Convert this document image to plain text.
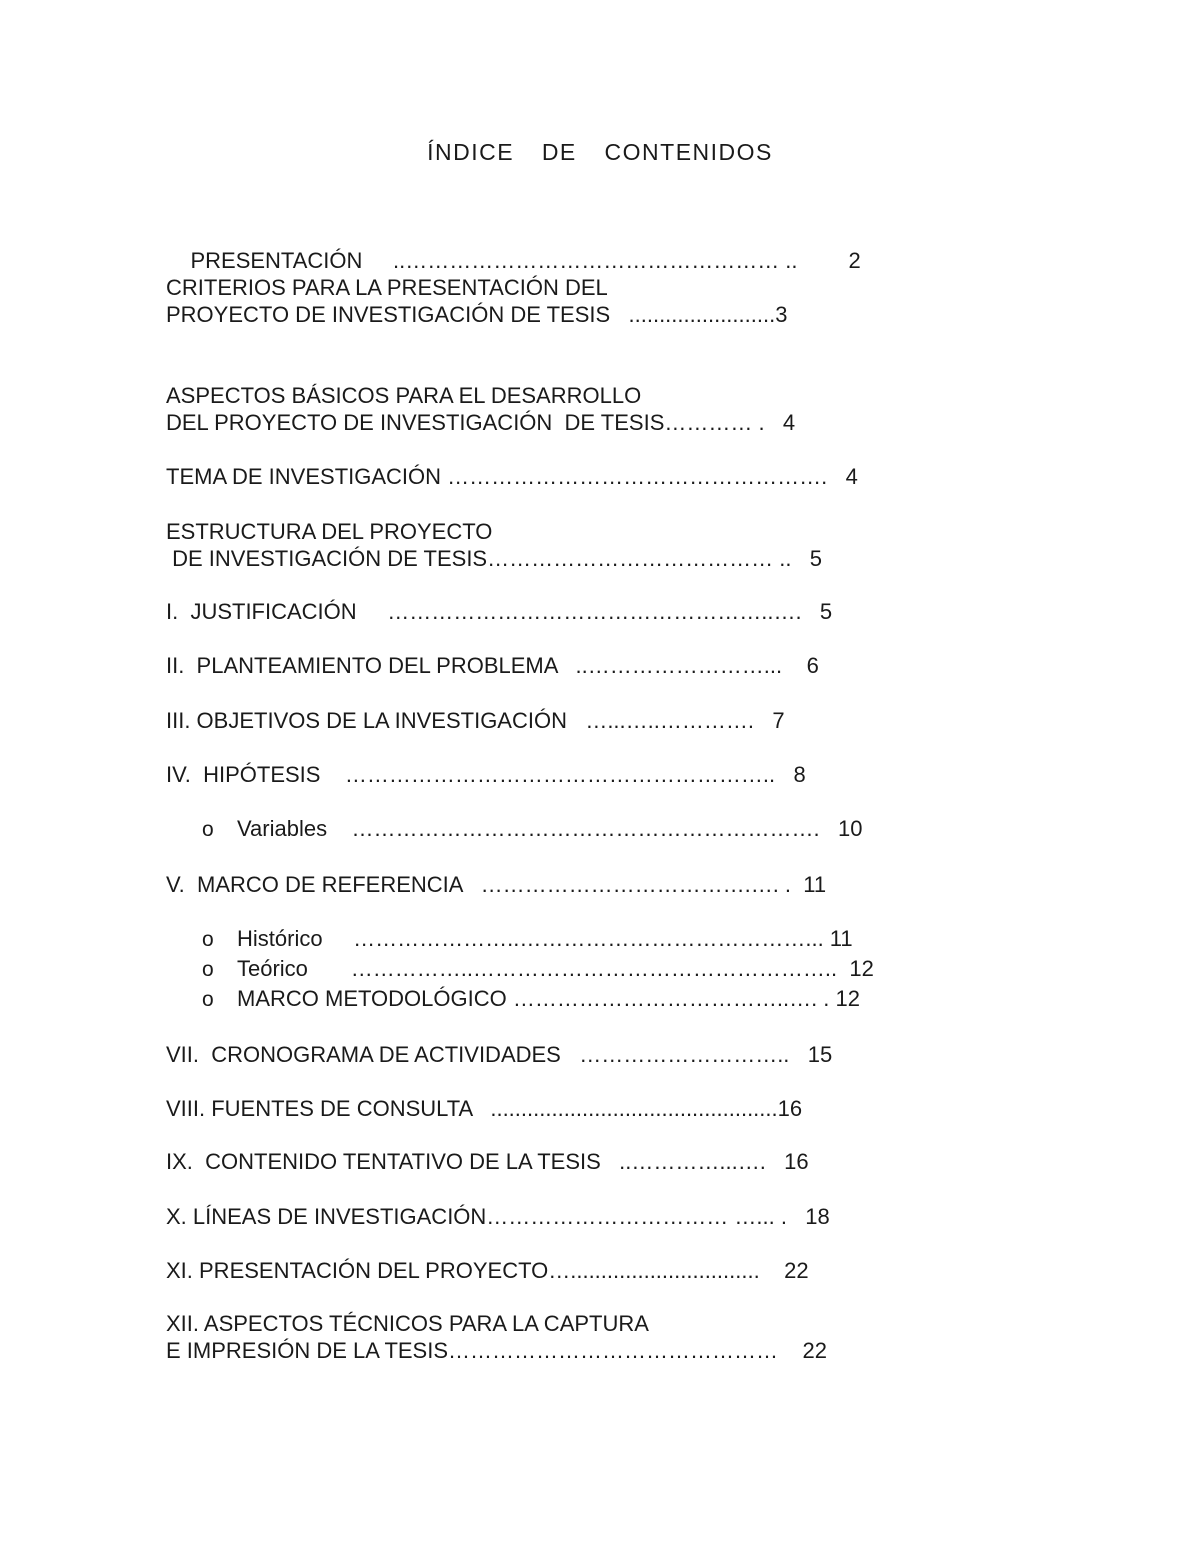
ÍNDICE  DE  CONTENIDOS

PRESENTACIÓN     ..…………………………………………… ..
	2

CRITERIOS PARA LA PRESENTACIÓN DEL
PROYECTO DE INVESTIGACIÓN DE TESIS   ........................3
ASPECTOS BÁSICOS PARA EL DESARROLLO
DEL PROYECTO DE INVESTIGACIÓN  DE TESIS………… .   4
TEMA DE INVESTIGACIÓN …………………………………………….   4
ESTRUCTURA DEL PROYECTO
DE INVESTIGACIÓN DE TESIS………………………………… ..   5
I.  JUSTIFICACIÓN     ……………………………………………..….   5
II.  PLANTEAMIENTO DEL PROBLEMA   ..……………………...    6
III. OBJETIVOS DE LA INVESTIGACIÓN   …...…..………….   7
IV.  HIPÓTESIS    …………………………………………………..   8
o Variables    ……………………………………………………….   10
V.  MARCO DE REFERENCIA   ……………………………….…. .  11
o Histórico     …………………..…………………………………... 11
o Teórico       ……………..…………………………………………..  12
o MARCO METODOLÓGICO ………………………………..…. . 12
VII.  CRONOGRAMA DE ACTIVIDADES   ………………………..   15
VIII. FUENTES DE CONSULTA   ...............................................16
IX.  CONTENIDO TENTATIVO DE LA TESIS   ..…………...….   16
X. LÍNEAS DE INVESTIGACIÓN…………………………… …... .   18
XI. PRESENTACIÓN DEL PROYECTO…...............................    22
XII. ASPECTOS TÉCNICOS PARA LA CAPTURA
E IMPRESIÓN DE LA TESIS………………………………………    22
